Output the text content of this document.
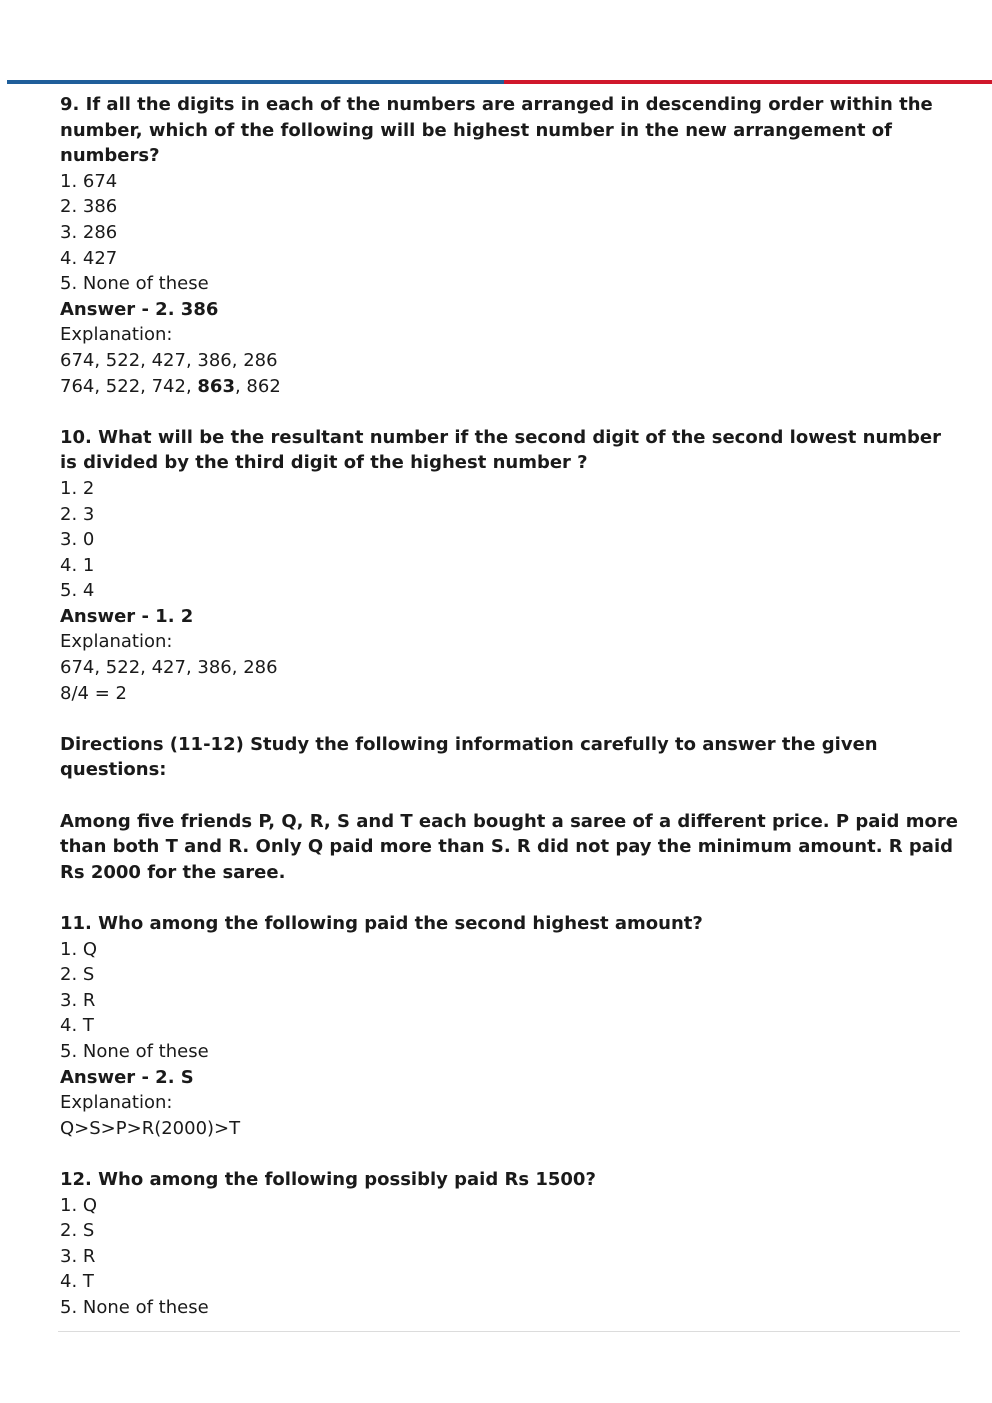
9. If all the digits in each of the numbers are arranged in descending order within the number, which of the following will be highest number in the new arrangement of numbers?
1. 674
2. 386
3. 286
4. 427
5. None of these
Answer - 2. 386
Explanation:
674, 522, 427, 386, 286
764, 522, 742, 863, 862
10. What will be the resultant number if the second digit of the second lowest number is divided by the third digit of the highest number ?
1. 2
2. 3
3. 0
4. 1
5. 4
Answer - 1. 2
Explanation:
674, 522, 427, 386, 286
8/4 = 2
Directions (11-12) Study the following information carefully to answer the given questions:
Among five friends P, Q, R, S and T each bought a saree of a different price. P paid more than both T and R. Only Q paid more than S. R did not pay the minimum amount. R paid Rs 2000 for the saree.
11. Who among the following paid the second highest amount?
1. Q
2. S
3. R
4. T
5. None of these
Answer - 2. S
Explanation:
Q>S>P>R(2000)>T
12. Who among the following possibly paid Rs 1500?
1. Q
2. S
3. R
4. T
5. None of these
